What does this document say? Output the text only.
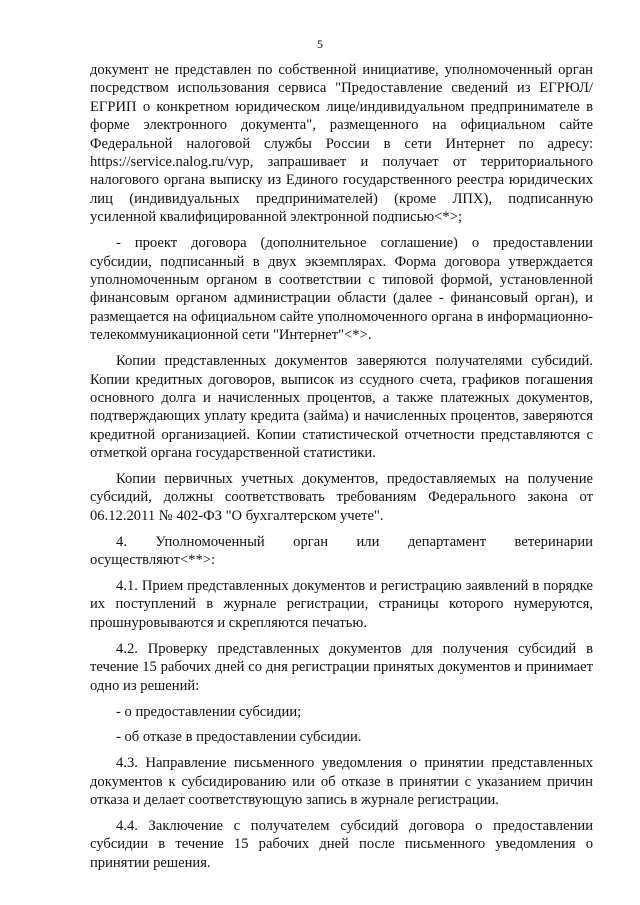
5

документ не представлен по собственной инициативе, уполномоченный орган посредством использования сервиса "Предоставление сведений из ЕГРЮЛ/ЕГРИП о конкретном юридическом лице/индивидуальном предпринимателе в форме электронного документа", размещенного на официальном сайте Федеральной налоговой службы России в сети Интернет по адресу: https://service.nalog.ru/vyp, запрашивает и получает от территориального налогового органа выписку из Единого государственного реестра юридических лиц (индивидуальных предпринимателей) (кроме ЛПХ), подписанную усиленной квалифицированной электронной подписью<*>;

- проект договора (дополнительное соглашение) о предоставлении субсидии, подписанный в двух экземплярах. Форма договора утверждается уполномоченным органом в соответствии с типовой формой, установленной финансовым органом администрации области (далее - финансовый орган), и размещается на официальном сайте уполномоченного органа в информационно-телекоммуникационной сети "Интернет"<*>.

Копии представленных документов заверяются получателями субсидий. Копии кредитных договоров, выписок из ссудного счета, графиков погашения основного долга и начисленных процентов, а также платежных документов, подтверждающих уплату кредита (займа) и начисленных процентов, заверяются кредитной организацией. Копии статистической отчетности представляются с отметкой органа государственной статистики.

Копии первичных учетных документов, предоставляемых на получение субсидий, должны соответствовать требованиям Федерального закона от 06.12.2011 № 402-ФЗ "О бухгалтерском учете".

4. Уполномоченный орган или департамент ветеринарии осуществляют<**>:

4.1. Прием представленных документов и регистрацию заявлений в порядке их поступлений в журнале регистрации, страницы которого нумеруются, прошнуровываются и скрепляются печатью.

4.2. Проверку представленных документов для получения субсидий в течение 15 рабочих дней со дня регистрации принятых документов и принимает одно из решений:

- о предоставлении субсидии;

- об отказе в предоставлении субсидии.

4.3. Направление письменного уведомления о принятии представленных документов к субсидированию или об отказе в принятии с указанием причин отказа и делает соответствующую запись в журнале регистрации.

4.4. Заключение с получателем субсидий договора о предоставлении субсидии в течение 15 рабочих дней после письменного уведомления о принятии решения.
